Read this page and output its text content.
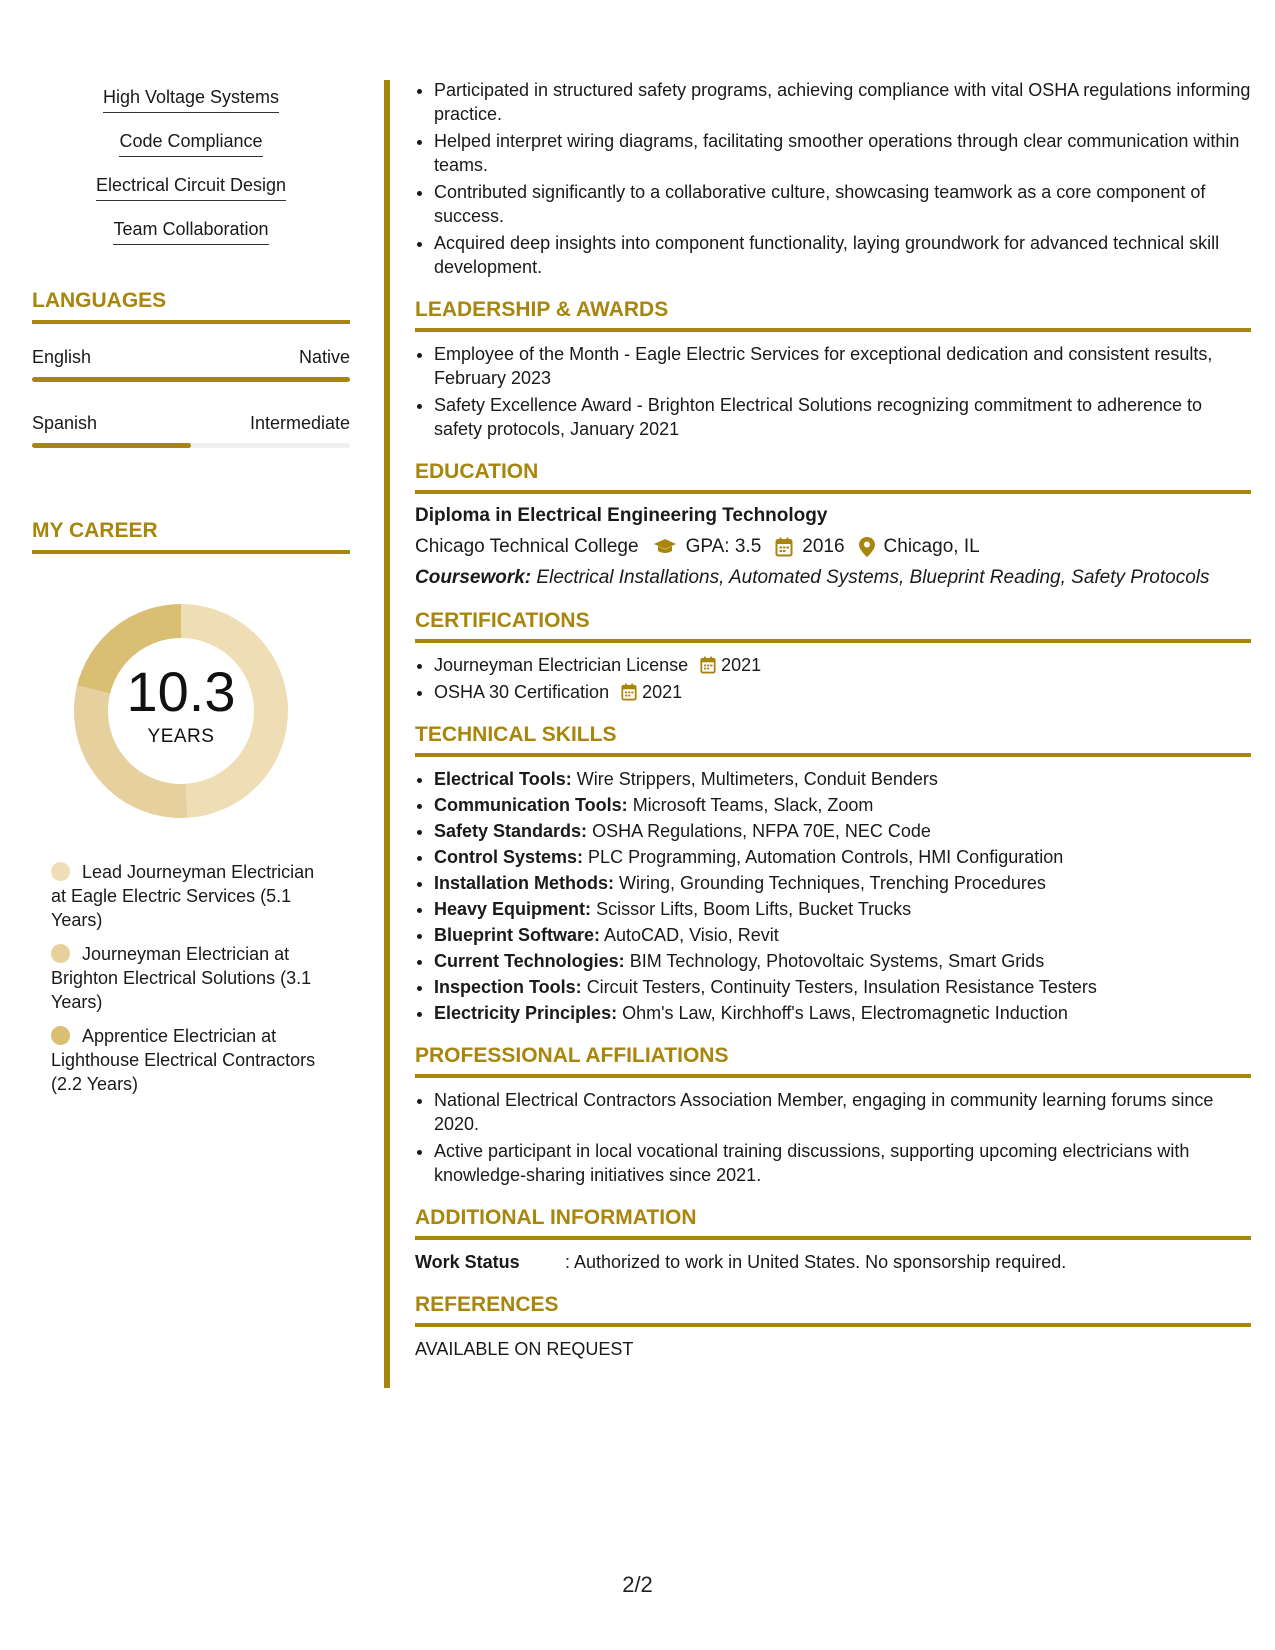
High Voltage Systems
Code Compliance
Electrical Circuit Design
Team Collaboration
LANGUAGES
English	Native
Spanish	Intermediate
MY CAREER
10.3
YEARS
Lead Journeyman Electrician at Eagle Electric Services (5.1 Years)
Journeyman Electrician at Brighton Electrical Solutions (3.1 Years)
Apprentice Electrician at Lighthouse Electrical Contractors (2.2 Years)
• Participated in structured safety programs, achieving compliance with vital OSHA regulations informing practice.
• Helped interpret wiring diagrams, facilitating smoother operations through clear communication within teams.
• Contributed significantly to a collaborative culture, showcasing teamwork as a core component of success.
• Acquired deep insights into component functionality, laying groundwork for advanced technical skill development.
LEADERSHIP & AWARDS
• Employee of the Month - Eagle Electric Services for exceptional dedication and consistent results, February 2023
• Safety Excellence Award - Brighton Electrical Solutions recognizing commitment to adherence to safety protocols, January 2021
EDUCATION
Diploma in Electrical Engineering Technology
Chicago Technical College GPA: 3.5 2016 Chicago, IL
Coursework: Electrical Installations, Automated Systems, Blueprint Reading, Safety Protocols
CERTIFICATIONS
• Journeyman Electrician License 2021
• OSHA 30 Certification 2021
TECHNICAL SKILLS
• Electrical Tools: Wire Strippers, Multimeters, Conduit Benders
• Communication Tools: Microsoft Teams, Slack, Zoom
• Safety Standards: OSHA Regulations, NFPA 70E, NEC Code
• Control Systems: PLC Programming, Automation Controls, HMI Configuration
• Installation Methods: Wiring, Grounding Techniques, Trenching Procedures
• Heavy Equipment: Scissor Lifts, Boom Lifts, Bucket Trucks
• Blueprint Software: AutoCAD, Visio, Revit
• Current Technologies: BIM Technology, Photovoltaic Systems, Smart Grids
• Inspection Tools: Circuit Testers, Continuity Testers, Insulation Resistance Testers
• Electricity Principles: Ohm's Law, Kirchhoff's Laws, Electromagnetic Induction
PROFESSIONAL AFFILIATIONS
• National Electrical Contractors Association Member, engaging in community learning forums since 2020.
• Active participant in local vocational training discussions, supporting upcoming electricians with knowledge-sharing initiatives since 2021.
ADDITIONAL INFORMATION
Work Status	: Authorized to work in United States. No sponsorship required.
REFERENCES
AVAILABLE ON REQUEST
2/2
